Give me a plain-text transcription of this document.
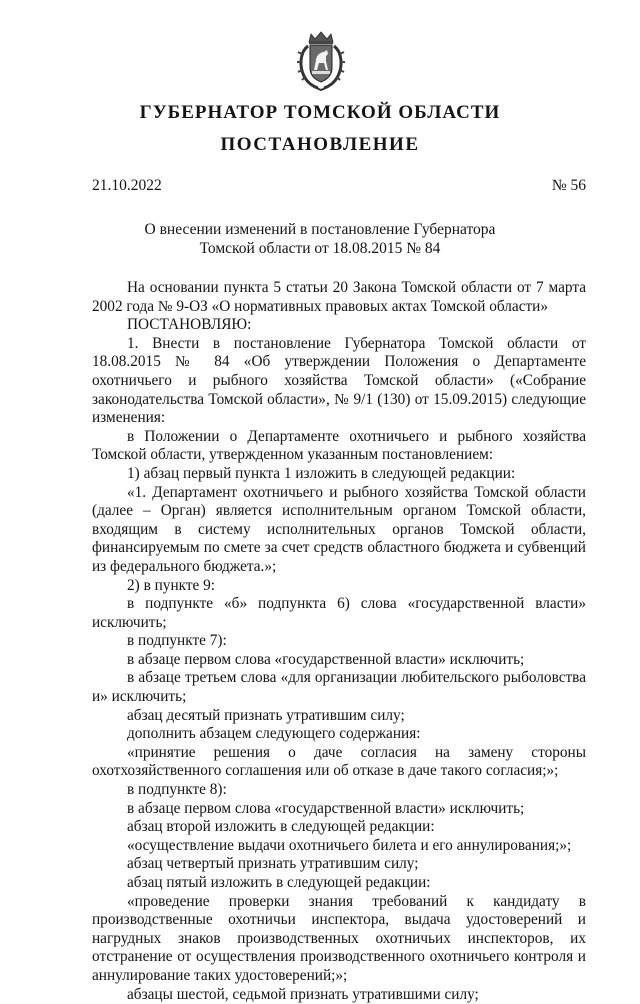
ГУБЕРНАТОР ТОМСКОЙ ОБЛАСТИ
ПОСТАНОВЛЕНИЕ
21.10.2022	№ 56
О внесении изменений в постановление Губернатора
Томской области от 18.08.2015 № 84

На основании пункта 5 статьи 20 Закона Томской области от 7 марта 2002 года № 9-ОЗ «О нормативных правовых актах Томской области»

ПОСТАНОВЛЯЮ:

1. Внести в постановление Губернатора Томской области от 18.08.2015 № 84 «Об утверждении Положения о Департаменте охотничьего и рыбного хозяйства Томской области» («Собрание законодательства Томской области», № 9/1 (130) от 15.09.2015) следующие изменения:

в Положении о Департаменте охотничьего и рыбного хозяйства Томской области, утвержденном указанным постановлением:

1) абзац первый пункта 1 изложить в следующей редакции:

«1. Департамент охотничьего и рыбного хозяйства Томской области (далее – Орган) является исполнительным органом Томской области, входящим в систему исполнительных органов Томской области, финансируемым по смете за счет средств областного бюджета и субвенций из федерального бюджета.»;

2) в пункте 9:

в подпункте «б» подпункта 6) слова «государственной власти» исключить;

в подпункте 7):

в абзаце первом слова «государственной власти» исключить;

в абзаце третьем слова «для организации любительского рыболовства и» исключить;

абзац десятый признать утратившим силу;

дополнить абзацем следующего содержания:

«принятие решения о даче согласия на замену стороны охотхозяйственного соглашения или об отказе в даче такого согласия;»;

в подпункте 8):

в абзаце первом слова «государственной власти» исключить;

абзац второй изложить в следующей редакции:

«осуществление выдачи охотничьего билета и его аннулирования;»;

абзац четвертый признать утратившим силу;

абзац пятый изложить в следующей редакции:

«проведение проверки знания требований к кандидату в производственные охотничьи инспектора, выдача удостоверений и нагрудных знаков производственных охотничьих инспекторов, их отстранение от осуществления производственного охотничьего контроля и аннулирование таких удостоверений;»;

абзацы шестой, седьмой признать утратившими силу;
